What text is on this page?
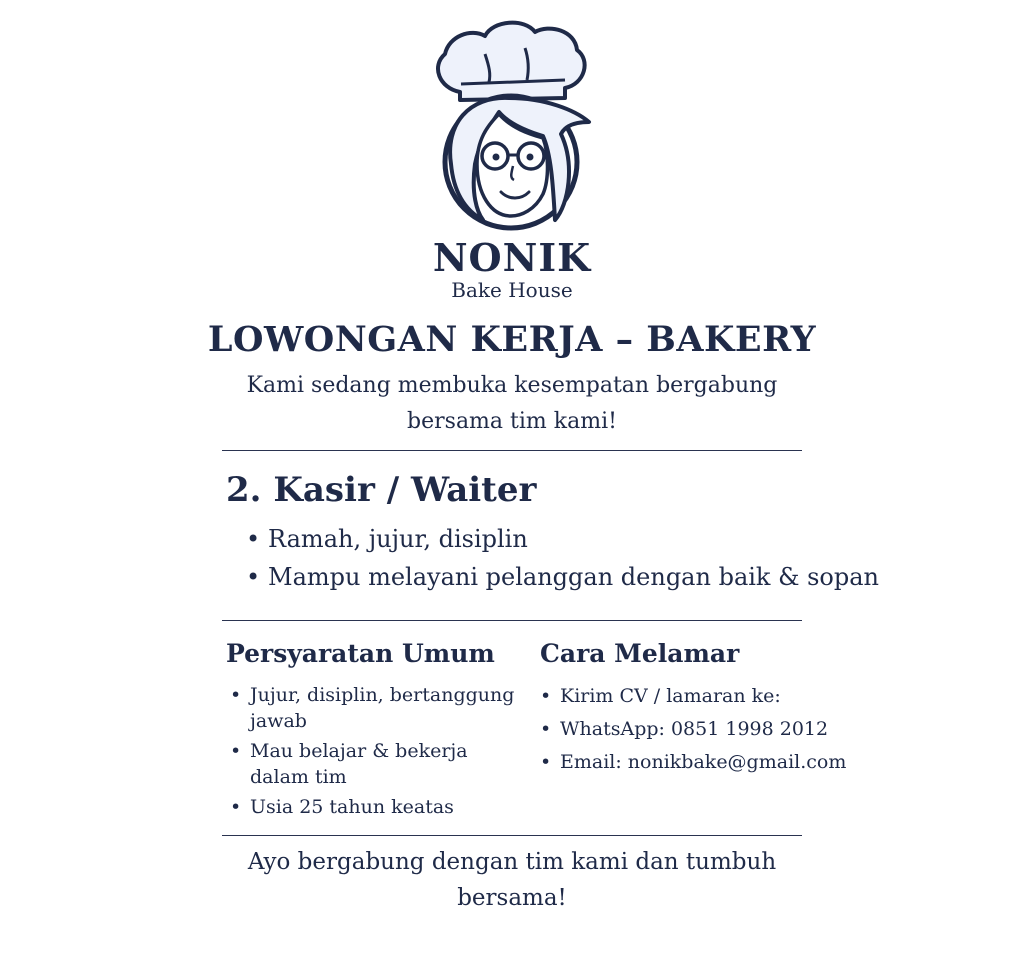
NONIK
Bake House
LOWONGAN KERJA – BAKERY
Kami sedang membuka kesempatan bergabung bersama tim kami!
2. Kasir / Waiter
• Ramah, jujur, disiplin
• Mampu melayani pelanggan dengan baik & sopan
Persyaratan Umum
• Jujur, disiplin, bertanggung jawab
• Mau belajar & bekerja dalam tim
• Usia 25 tahun keatas
Cara Melamar
• Kirim CV / lamaran ke:
• WhatsApp: 0851 1998 2012
• Email: nonikbake@gmail.com
Ayo bergabung dengan tim kami dan tumbuh bersama!
